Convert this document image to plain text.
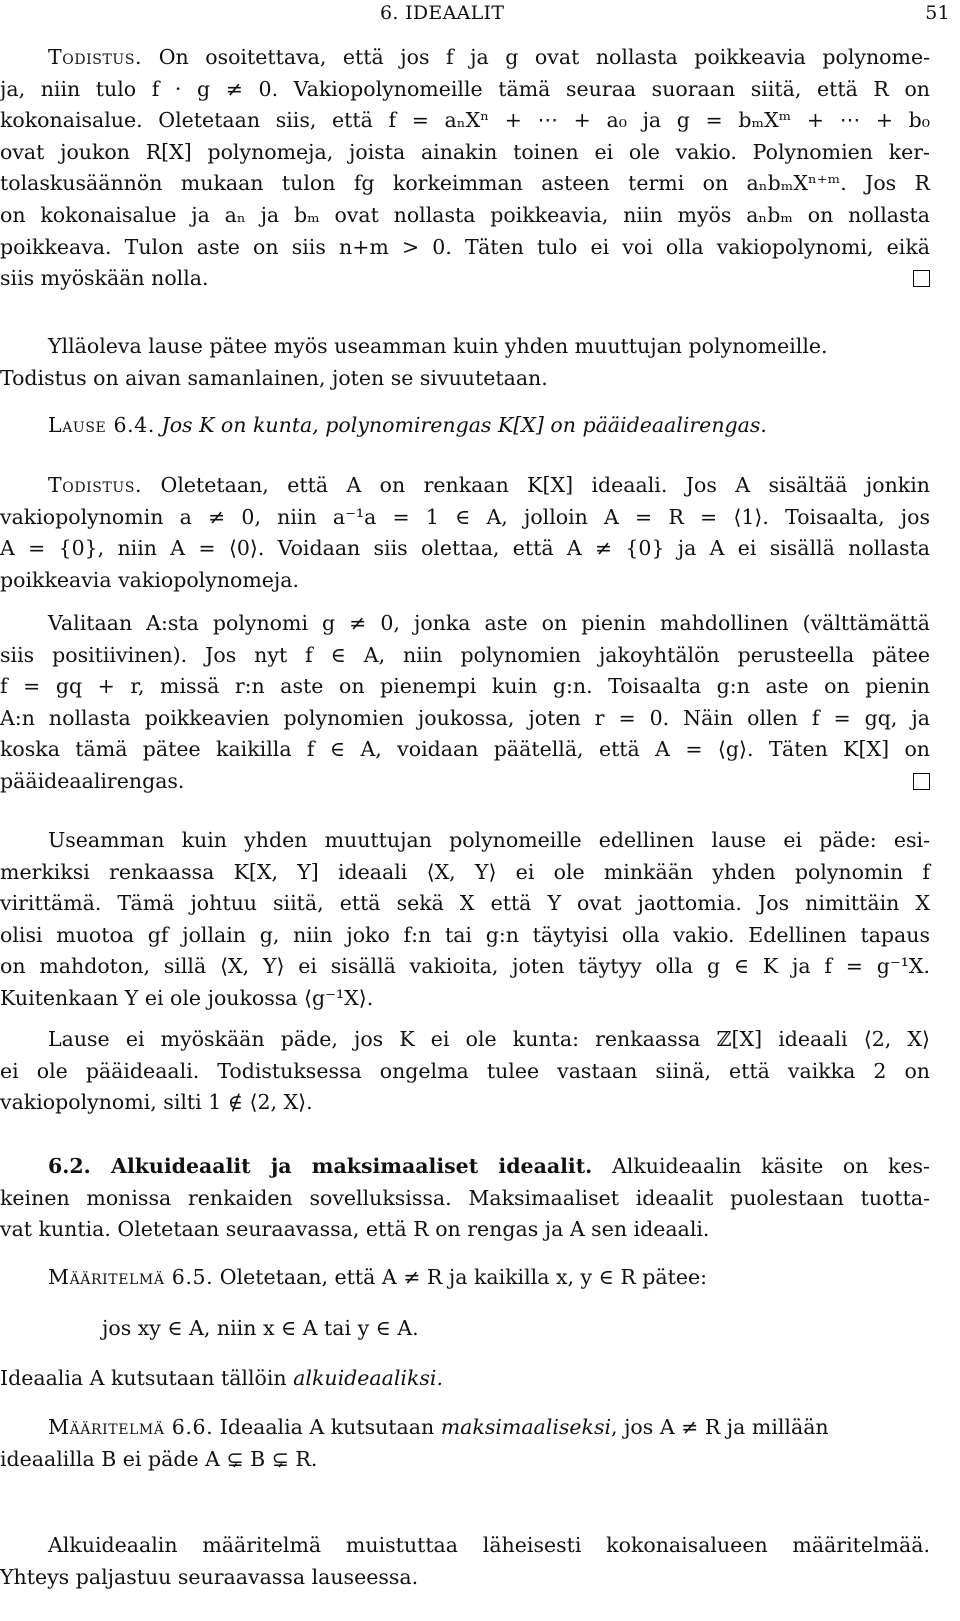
6. IDEAALIT	51
Todistus. On osoitettava, että jos f ja g ovat nollasta poikkeavia polynome-
ja, niin tulo f · g ≠ 0. Vakiopolynomeille tämä seuraa suoraan siitä, että R on
kokonaisalue. Oletetaan siis, että f = aₙXⁿ + ⋯ + a₀ ja g = bₘXᵐ + ⋯ + b₀
ovat joukon R[X] polynomeja, joista ainakin toinen ei ole vakio. Polynomien ker-
tolaskusäännön mukaan tulon fg korkeimman asteen termi on aₙbₘXⁿ⁺ᵐ. Jos R
on kokonaisalue ja aₙ ja bₘ ovat nollasta poikkeavia, niin myös aₙbₘ on nollasta
poikkeava. Tulon aste on siis n+m > 0. Täten tulo ei voi olla vakiopolynomi, eikä
siis myöskään nolla.
Ylläoleva lause pätee myös useamman kuin yhden muuttujan polynomeille.
Todistus on aivan samanlainen, joten se sivuutetaan.
Lause 6.4. Jos K on kunta, polynomirengas K[X] on pääideaalirengas.
Todistus. Oletetaan, että A on renkaan K[X] ideaali. Jos A sisältää jonkin
vakiopolynomin a ≠ 0, niin a⁻¹a = 1 ∈ A, jolloin A = R = ⟨1⟩. Toisaalta, jos
A = {0}, niin A = ⟨0⟩. Voidaan siis olettaa, että A ≠ {0} ja A ei sisällä nollasta
poikkeavia vakiopolynomeja.
Valitaan A:sta polynomi g ≠ 0, jonka aste on pienin mahdollinen (välttämättä
siis positiivinen). Jos nyt f ∈ A, niin polynomien jakoyhtälön perusteella pätee
f = gq + r, missä r:n aste on pienempi kuin g:n. Toisaalta g:n aste on pienin
A:n nollasta poikkeavien polynomien joukossa, joten r = 0. Näin ollen f = gq, ja
koska tämä pätee kaikilla f ∈ A, voidaan päätellä, että A = ⟨g⟩. Täten K[X] on
pääideaalirengas.
Useamman kuin yhden muuttujan polynomeille edellinen lause ei päde: esi-
merkiksi renkaassa K[X, Y] ideaali ⟨X, Y⟩ ei ole minkään yhden polynomin f
virittämä. Tämä johtuu siitä, että sekä X että Y ovat jaottomia. Jos nimittäin X
olisi muotoa gf jollain g, niin joko f:n tai g:n täytyisi olla vakio. Edellinen tapaus
on mahdoton, sillä ⟨X, Y⟩ ei sisällä vakioita, joten täytyy olla g ∈ K ja f = g⁻¹X.
Kuitenkaan Y ei ole joukossa ⟨g⁻¹X⟩.
Lause ei myöskään päde, jos K ei ole kunta: renkaassa ℤ[X] ideaali ⟨2, X⟩
ei ole pääideaali. Todistuksessa ongelma tulee vastaan siinä, että vaikka 2 on
vakiopolynomi, silti 1 ∉ ⟨2, X⟩.
6.2. Alkuideaalit ja maksimaaliset ideaalit. Alkuideaalin käsite on kes-
keinen monissa renkaiden sovelluksissa. Maksimaaliset ideaalit puolestaan tuotta-
vat kuntia. Oletetaan seuraavassa, että R on rengas ja A sen ideaali.
Määritelmä 6.5. Oletetaan, että A ≠ R ja kaikilla x, y ∈ R pätee:
jos xy ∈ A, niin x ∈ A tai y ∈ A.
Ideaalia A kutsutaan tällöin alkuideaaliksi.
Määritelmä 6.6. Ideaalia A kutsutaan maksimaaliseksi, jos A ≠ R ja millään
ideaalilla B ei päde A ⊊ B ⊊ R.
Alkuideaalin määritelmä muistuttaa läheisesti kokonaisalueen määritelmää.
Yhteys paljastuu seuraavassa lauseessa.
